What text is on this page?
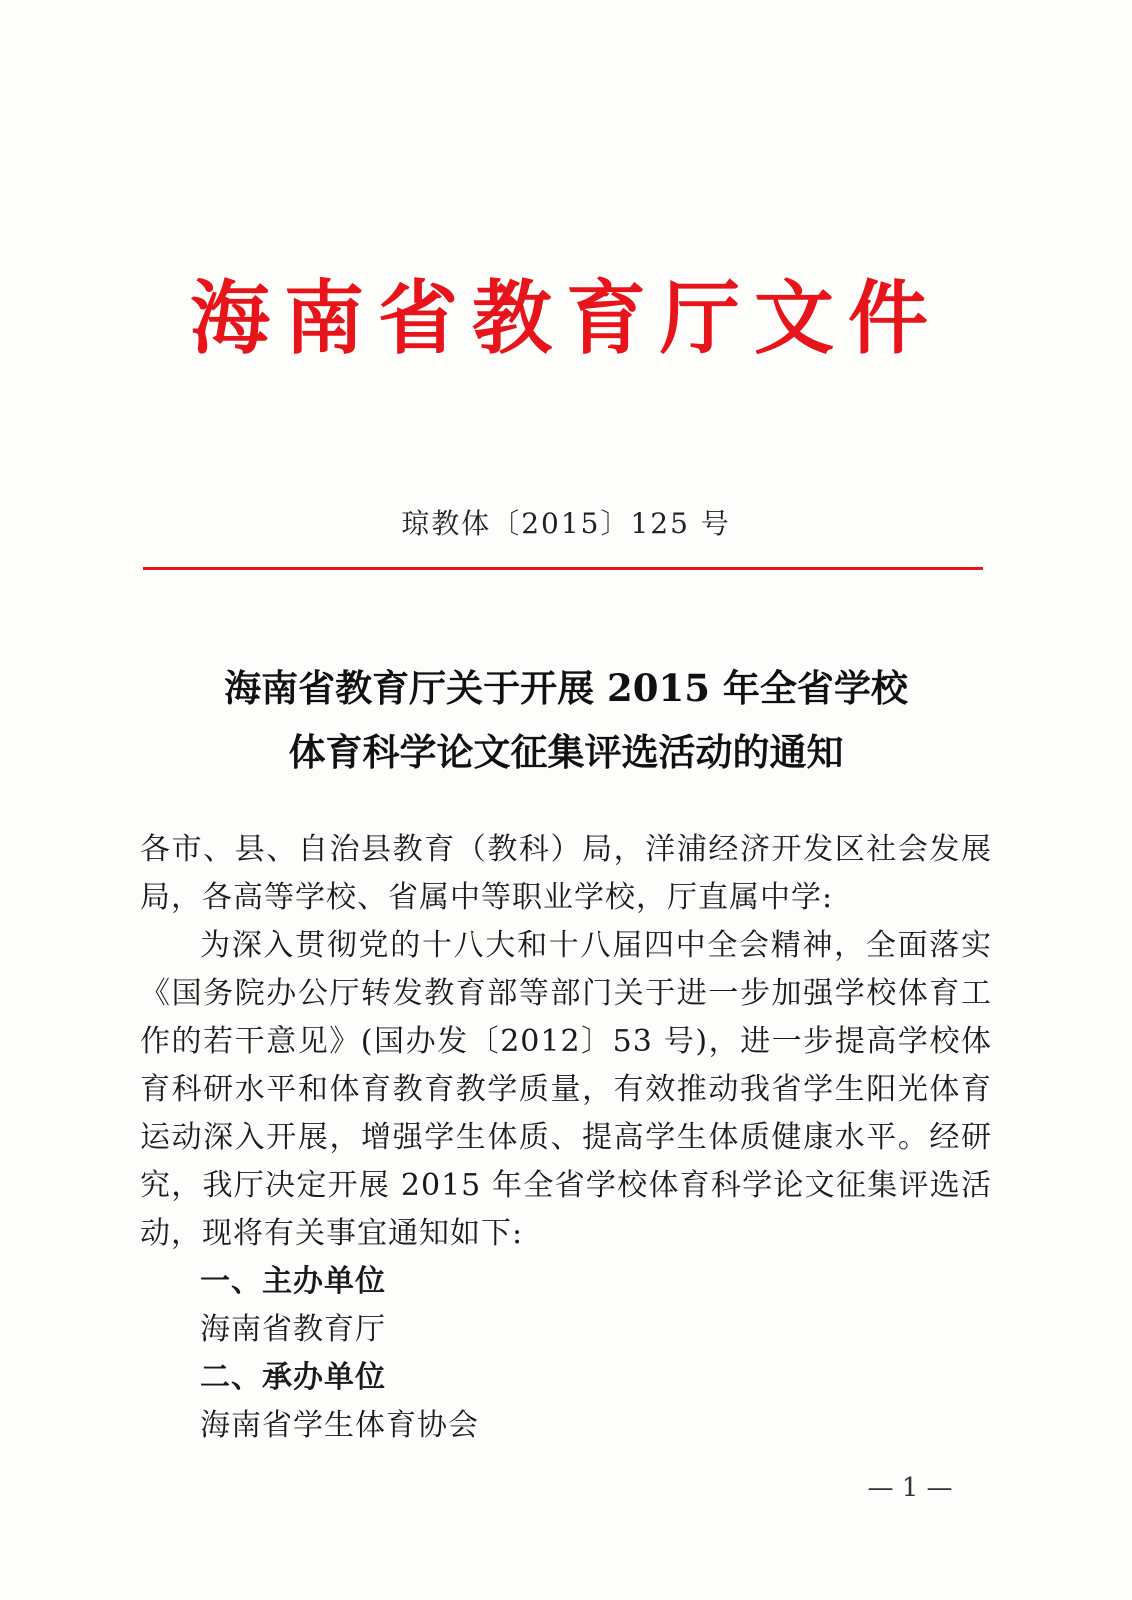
海南省教育厅文件
琼教体〔2015〕125 号
海南省教育厅关于开展 2015 年全省学校
体育科学论文征集评选活动的通知

各市、县、自治县教育（教科）局，洋浦经济开发区社会发展局，各高等学校、省属中等职业学校，厅直属中学:

为深入贯彻党的十八大和十八届四中全会精神，全面落实《国务院办公厅转发教育部等部门关于进一步加强学校体育工作的若干意见》(国办发〔2012〕53 号)，进一步提高学校体育科研水平和体育教育教学质量，有效推动我省学生阳光体育运动深入开展，增强学生体质、提高学生体质健康水平。经研究，我厅决定开展 2015 年全省学校体育科学论文征集评选活动，现将有关事宜通知如下:

一、主办单位

海南省教育厅

二、承办单位

海南省学生体育协会

— 1 —
